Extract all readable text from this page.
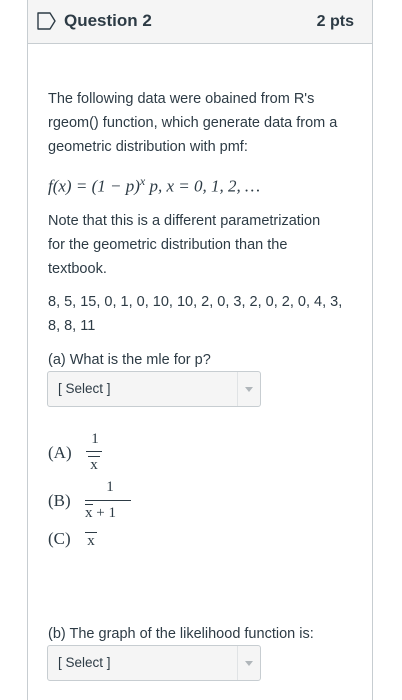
Question 2	2 pts
The following data were obained from R's
rgeom() function, which generate data from a
geometric distribution with pmf:
$f(x) = (1 - p)^x$ p, x = 0, 1, 2, …
Note that this is a different parametrization
for the geometric distribution than the
textbook.
8, 5, 15, 0, 1, 0, 10, 10, 2, 0, 3, 2, 0, 2, 0, 4, 3,
8, 8, 11
(a) What is the mle for p?
[ Select ]
(A)
1
x
(B)
1
x + 1
(C) x
(b) The graph of the likelihood function is:
[ Select ]
